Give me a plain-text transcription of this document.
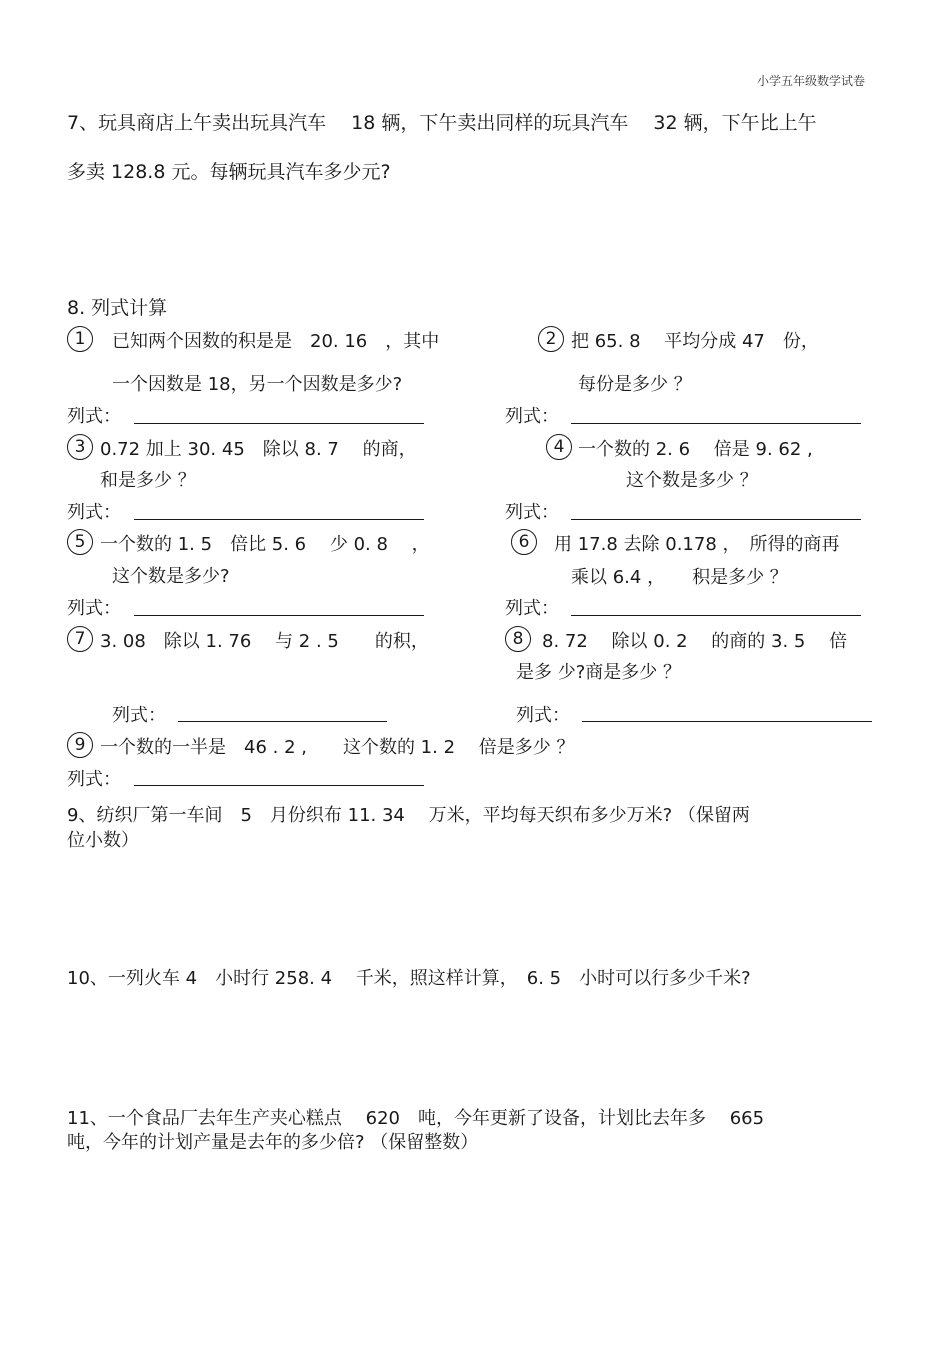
小学五年级数学试卷
7、玩具商店上午卖出玩具汽车　 18 辆，下午卖出同样的玩具汽车　 32 辆，下午比上午
多卖 128.8 元。每辆玩具汽车多少元?
8. 列式计算
1	已知两个因数的积是是　20. 16　，其中
一个因数是 18，另一个因数是多少?
2 把 65. 8　 平均分成 47　份，
每份是多少 ？
列式：	列式：
3 0.72 加上 30. 45　除以 8. 7　 的商，
和是多少 ？
4 一个数的 2. 6　 倍是 9. 62 ,
这个数是多少 ？
列式：	列式：
5 一个数的 1. 5　倍比 5. 6　 少 0. 8　 ，
这个数是多少?
6	用 17.8 去除 0.178 ，　所得的商再
乘以 6.4 ，　　积是多少 ？
列式：	列式：
7 3. 08　除以 1. 76　 与 2 . 5　　的积，	8	8. 72　 除以 0. 2　 的商的 3. 5　 倍
是多 少?商是多少 ？
列式：	列式：
9 一个数的一半是　46 . 2 ,　　这个数的 1. 2　 倍是多少 ？
列式：
9、纺织厂第一车间　5　月份织布 11. 34　 万米，平均每天织布多少万米? （保留两
位小数）
10、一列火车 4　小时行 258. 4　 千米，照这样计算，　6. 5　小时可以行多少千米?
11、一个食品厂去年生产夹心糕点　 620　吨，今年更新了设备，计划比去年多　 665
吨，今年的计划产量是去年的多少倍? （保留整数）
